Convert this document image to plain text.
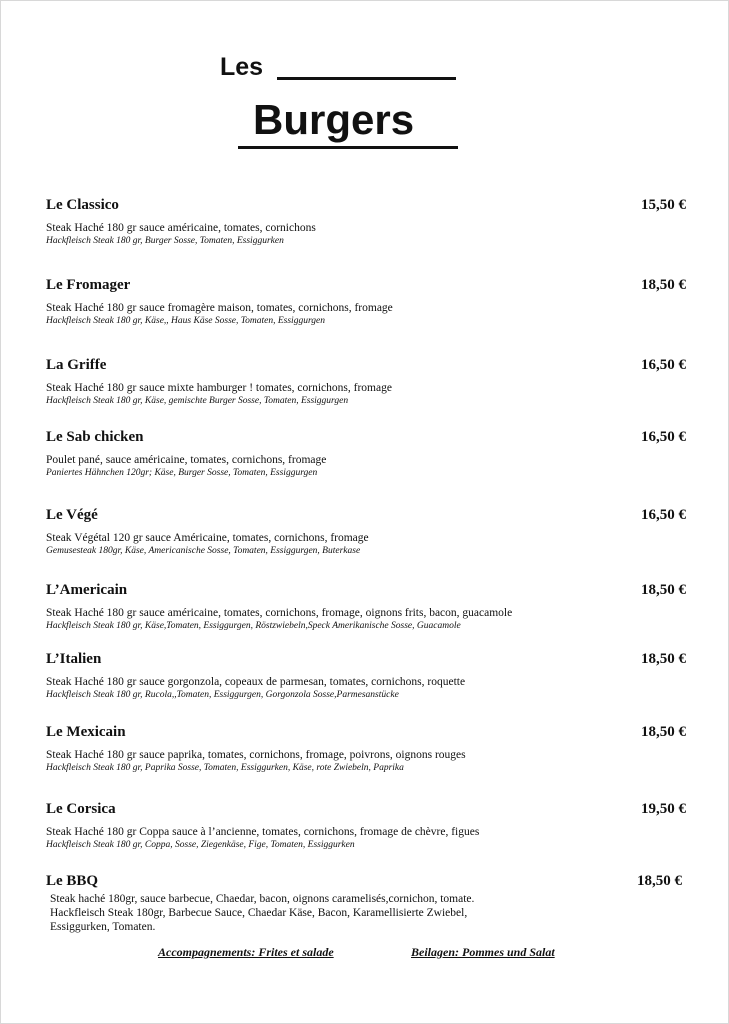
Les
Burgers
Le Classico	15,50 €
Steak Haché 180 gr sauce américaine, tomates, cornichons
Hackfleisch Steak 180 gr, Burger Sosse, Tomaten, Essiggurken
Le Fromager	18,50 €
Steak Haché 180 gr sauce fromagère maison, tomates, cornichons, fromage
Hackfleisch Steak 180 gr, Käse,, Haus Käse Sosse, Tomaten, Essiggurgen
La Griffe	16,50 €
Steak Haché 180 gr sauce mixte hamburger ! tomates, cornichons, fromage
Hackfleisch Steak 180 gr, Käse, gemischte Burger Sosse, Tomaten, Essiggurgen
Le Sab chicken	16,50 €
Poulet pané, sauce américaine, tomates, cornichons, fromage
Paniertes Hähnchen 120gr; Käse, Burger Sosse, Tomaten, Essiggurgen
Le Végé	16,50 €
Steak Végétal 120 gr sauce Américaine, tomates, cornichons, fromage
Gemusesteak 180gr, Käse, Americanische Sosse, Tomaten, Essiggurgen, Buterkase
L’Americain	18,50 €
Steak Haché 180 gr sauce américaine, tomates, cornichons, fromage, oignons frits, bacon, guacamole
Hackfleisch Steak 180 gr, Käse,Tomaten, Essiggurgen, Röstzwiebeln,Speck Amerikanische Sosse, Guacamole
L’Italien	18,50 €
Steak Haché 180 gr sauce gorgonzola, copeaux de parmesan, tomates, cornichons, roquette
Hackfleisch Steak 180 gr, Rucola,,Tomaten, Essiggurgen, Gorgonzola Sosse,Parmesanstücke
Le Mexicain	18,50 €
Steak Haché 180 gr sauce paprika, tomates, cornichons, fromage, poivrons, oignons rouges
Hackfleisch Steak 180 gr, Paprika Sosse, Tomaten, Essiggurken, Käse, rote Zwiebeln, Paprika
Le Corsica	19,50 €
Steak Haché 180 gr Coppa sauce à l’ancienne, tomates, cornichons, fromage de chèvre, figues
Hackfleisch Steak 180 gr, Coppa, Sosse, Ziegenkäse, Fige, Tomaten, Essiggurken
Le BBQ	18,50 €
Steak haché 180gr, sauce barbecue, Chaedar, bacon, oignons caramelisés,cornichon, tomate.
Hackfleisch Steak 180gr, Barbecue Sauce, Chaedar Käse, Bacon, Karamellisierte Zwiebel, Essiggurken, Tomaten.
Accompagnements: Frites et salade	Beilagen: Pommes und Salat
